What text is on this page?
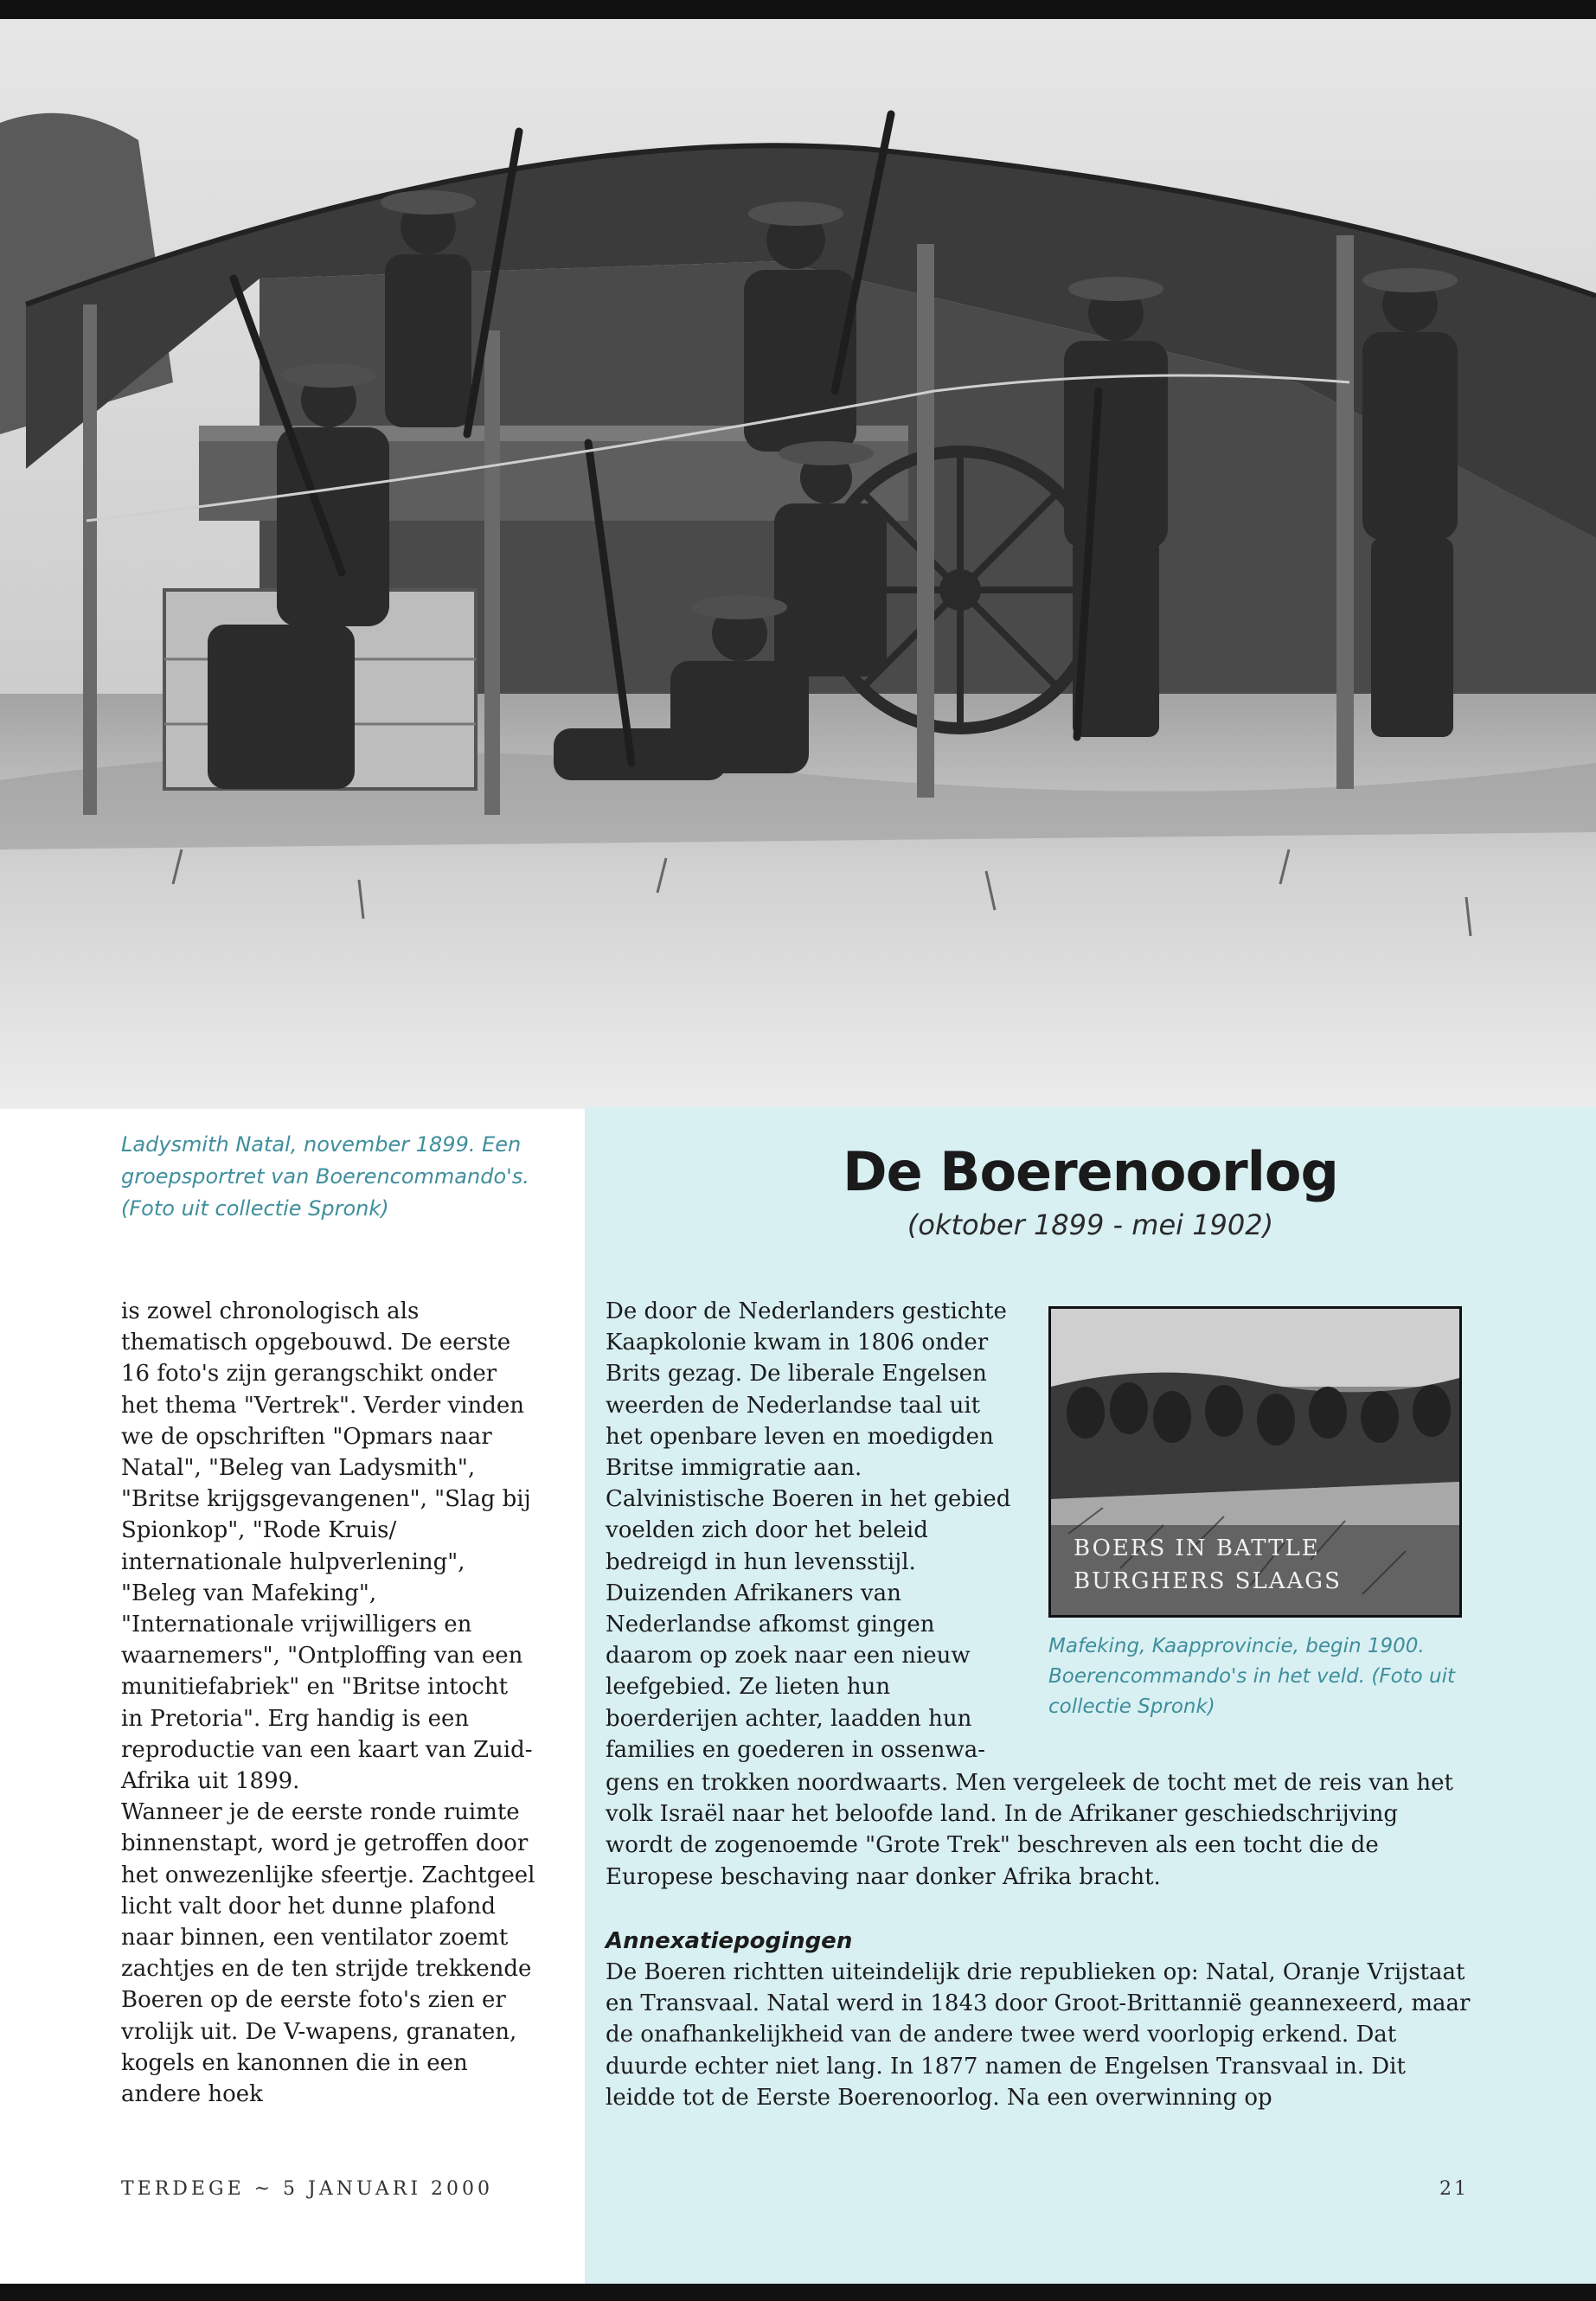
Ladysmith Natal, november 1899. Een groepsportret van Boerencommando's. (Foto uit collectie Spronk)

De Boerenoorlog

(oktober 1899 - mei 1902)

is zowel chronologisch als thematisch opgebouwd. De eerste 16 foto's zijn gerangschikt onder het thema "Vertrek". Verder vinden we de opschriften "Opmars naar Natal", "Beleg van Ladysmith", "Britse krijgsgevangenen", "Slag bij Spionkop", "Rode Kruis/ internationale hulpverlening", "Beleg van Mafeking", "Internationale vrijwilligers en waarnemers", "Ontploffing van een munitiefabriek" en "Britse intocht in Pretoria". Erg handig is een reproductie van een kaart van Zuid-Afrika uit 1899.

Wanneer je de eerste ronde ruimte binnenstapt, word je getroffen door het onwezenlijke sfeertje. Zachtgeel licht valt door het dunne plafond naar binnen, een ventilator zoemt zachtjes en de ten strijde trekkende Boeren op de eerste foto's zien er vrolijk uit. De V-wapens, granaten, kogels en kanonnen die in een andere hoek

De door de Nederlanders gestichte Kaapkolonie kwam in 1806 onder Brits gezag. De liberale Engelsen weerden de Nederlandse taal uit het openbare leven en moedigden Britse immigratie aan. Calvinistische Boeren in het gebied voelden zich door het beleid bedreigd in hun levensstijl. Duizenden Afrikaners van Nederlandse afkomst gingen daarom op zoek naar een nieuw leefgebied. Ze lieten hun boerderijen achter, laadden hun families en goederen in ossenwa-

BOERS IN BATTLE
BURGHERS SLAAGS

Mafeking, Kaapprovincie, begin 1900. Boerencommando's in het veld. (Foto uit collectie Spronk)

gens en trokken noordwaarts. Men vergeleek de tocht met de reis van het volk Israël naar het beloofde land. In de Afrikaner geschiedschrijving wordt de zogenoemde "Grote Trek" beschreven als een tocht die de Europese beschaving naar donker Afrika bracht.

Annexatiepogingen

De Boeren richtten uiteindelijk drie republieken op: Natal, Oranje Vrijstaat en Transvaal. Natal werd in 1843 door Groot-Brittannië geannexeerd, maar de onafhankelijkheid van de andere twee werd voorlopig erkend. Dat duurde echter niet lang. In 1877 namen de Engelsen Transvaal in. Dit leidde tot de Eerste Boerenoorlog. Na een overwinning op

TERDEGE ~ 5 JANUARI 2000	21
